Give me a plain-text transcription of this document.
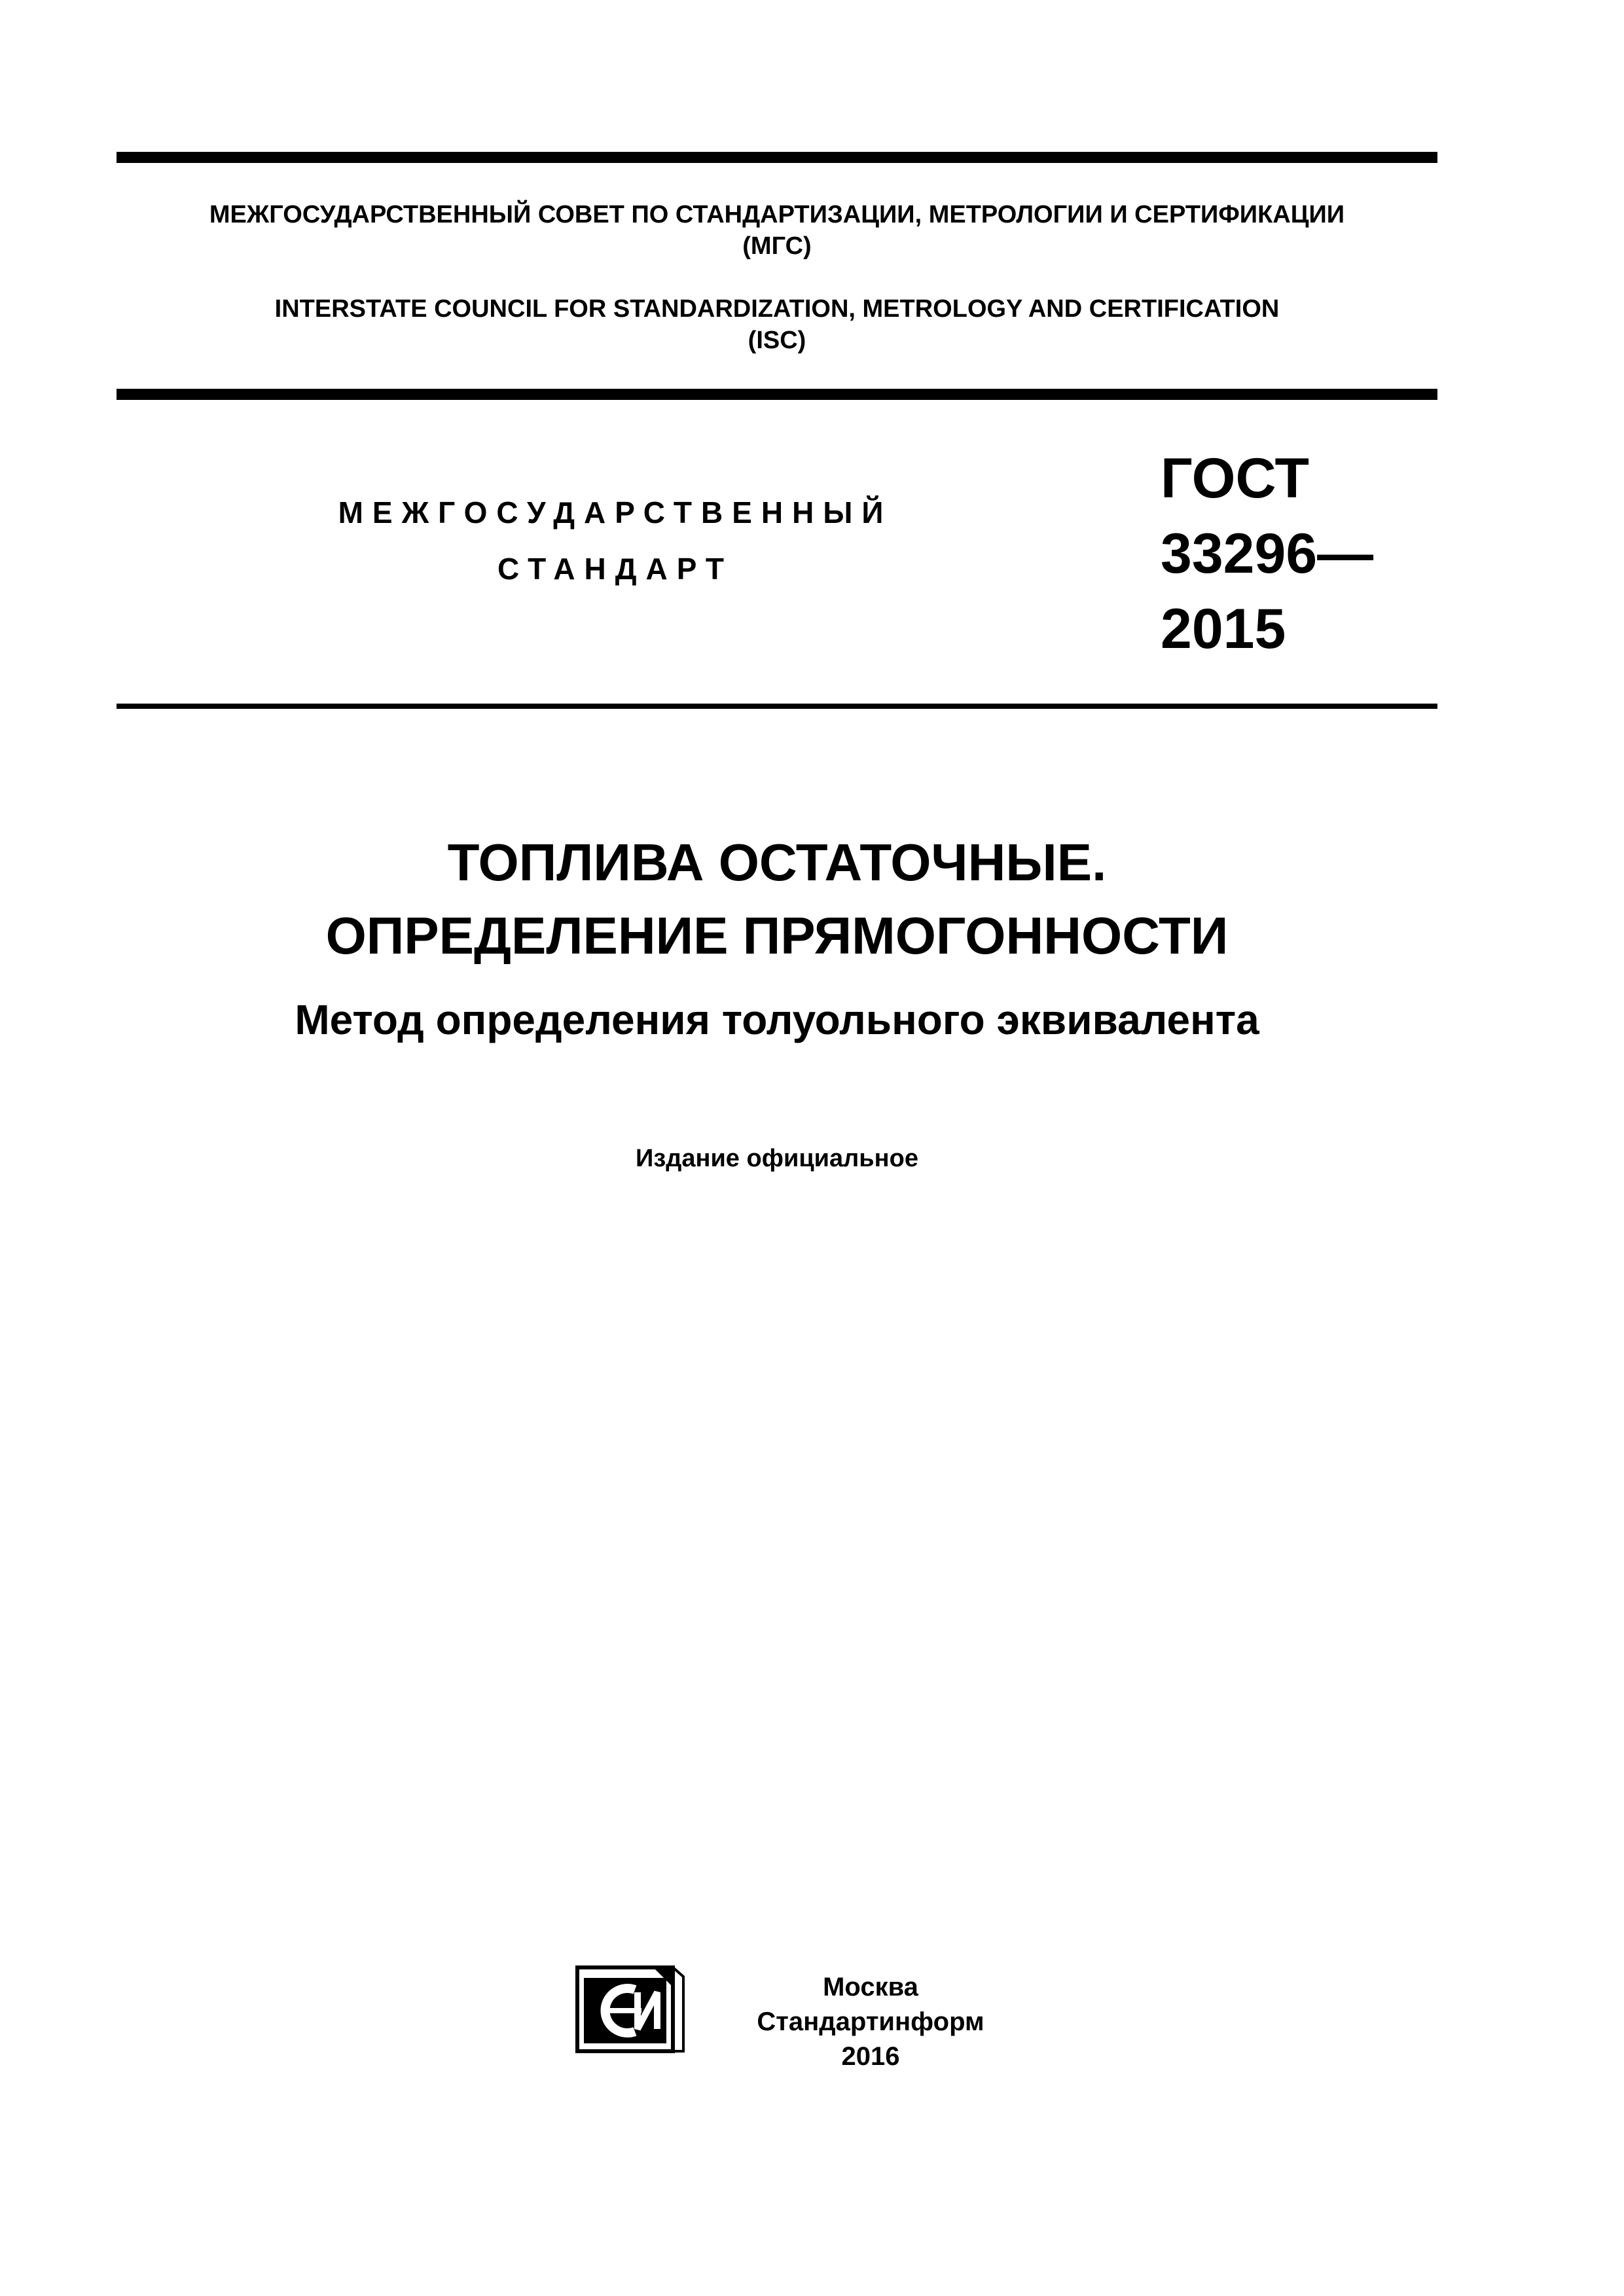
МЕЖГОСУДАРСТВЕННЫЙ СОВЕТ ПО СТАНДАРТИЗАЦИИ, МЕТРОЛОГИИ И СЕРТИФИКАЦИИ
(МГС)
INTERSTATE COUNCIL FOR STANDARDIZATION, METROLOGY AND CERTIFICATION
(ISC)
МЕЖГОСУДАРСТВЕННЫЙ
СТАНДАРТ
ГОСТ
33296—
2015
ТОПЛИВА ОСТАТОЧНЫЕ.
ОПРЕДЕЛЕНИЕ ПРЯМОГОННОСТИ
Метод определения толуольного эквивалента
Издание официальное
Москва
Стандартинформ
2016
